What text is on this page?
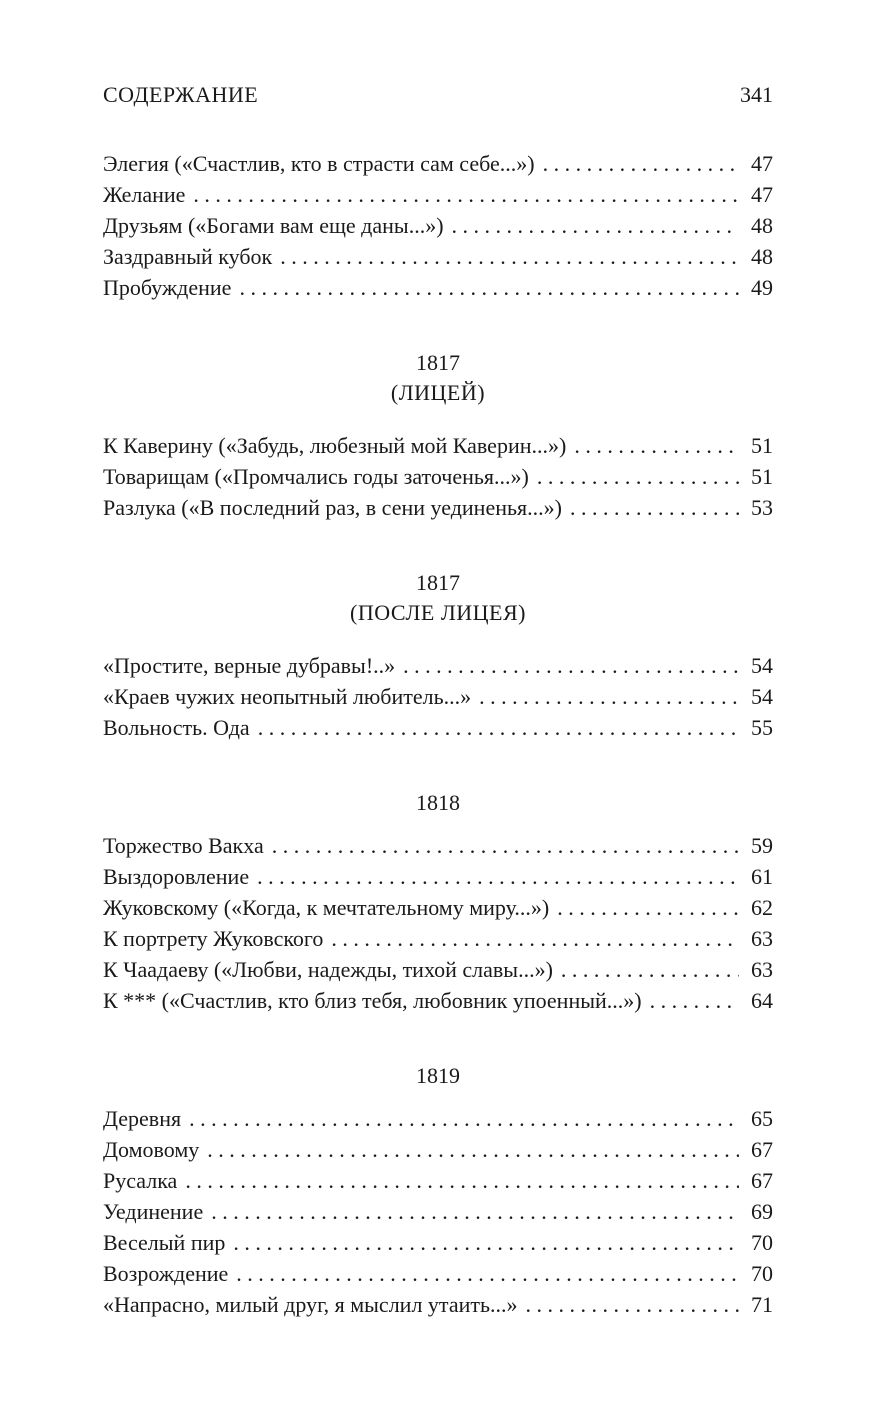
СОДЕРЖАНИЕ	341
Элегия («Счастлив, кто в страсти сам себе...») . . .	47
Желание . . .	47
Друзьям («Богами вам еще даны...») . . .	48
Заздравный кубок . . .	48
Пробуждение . . .	49
1817
(ЛИЦЕЙ)
К Каверину («Забудь, любезный мой Каверин...») . . .	51
Товарищам («Промчались годы заточенья...») . . .	51
Разлука («В последний раз, в сени уединенья...») . . .	53
1817
(ПОСЛЕ ЛИЦЕЯ)
«Простите, верные дубравы!..» . . .	54
«Краев чужих неопытный любитель...» . . .	54
Вольность. Ода . . .	55
1818
Торжество Вакха . . .	59
Выздоровление . . .	61
Жуковскому («Когда, к мечтательному миру...») . . .	62
К портрету Жуковского . . .	63
К Чаадаеву («Любви, надежды, тихой славы...») . . .	63
К *** («Счастлив, кто близ тебя, любовник упоенный...») . . .	64
1819
Деревня . . .	65
Домовому . . .	67
Русалка . . .	67
Уединение . . .	69
Веселый пир . . .	70
Возрождение . . .	70
«Напрасно, милый друг, я мыслил утаить...» . . .	71
